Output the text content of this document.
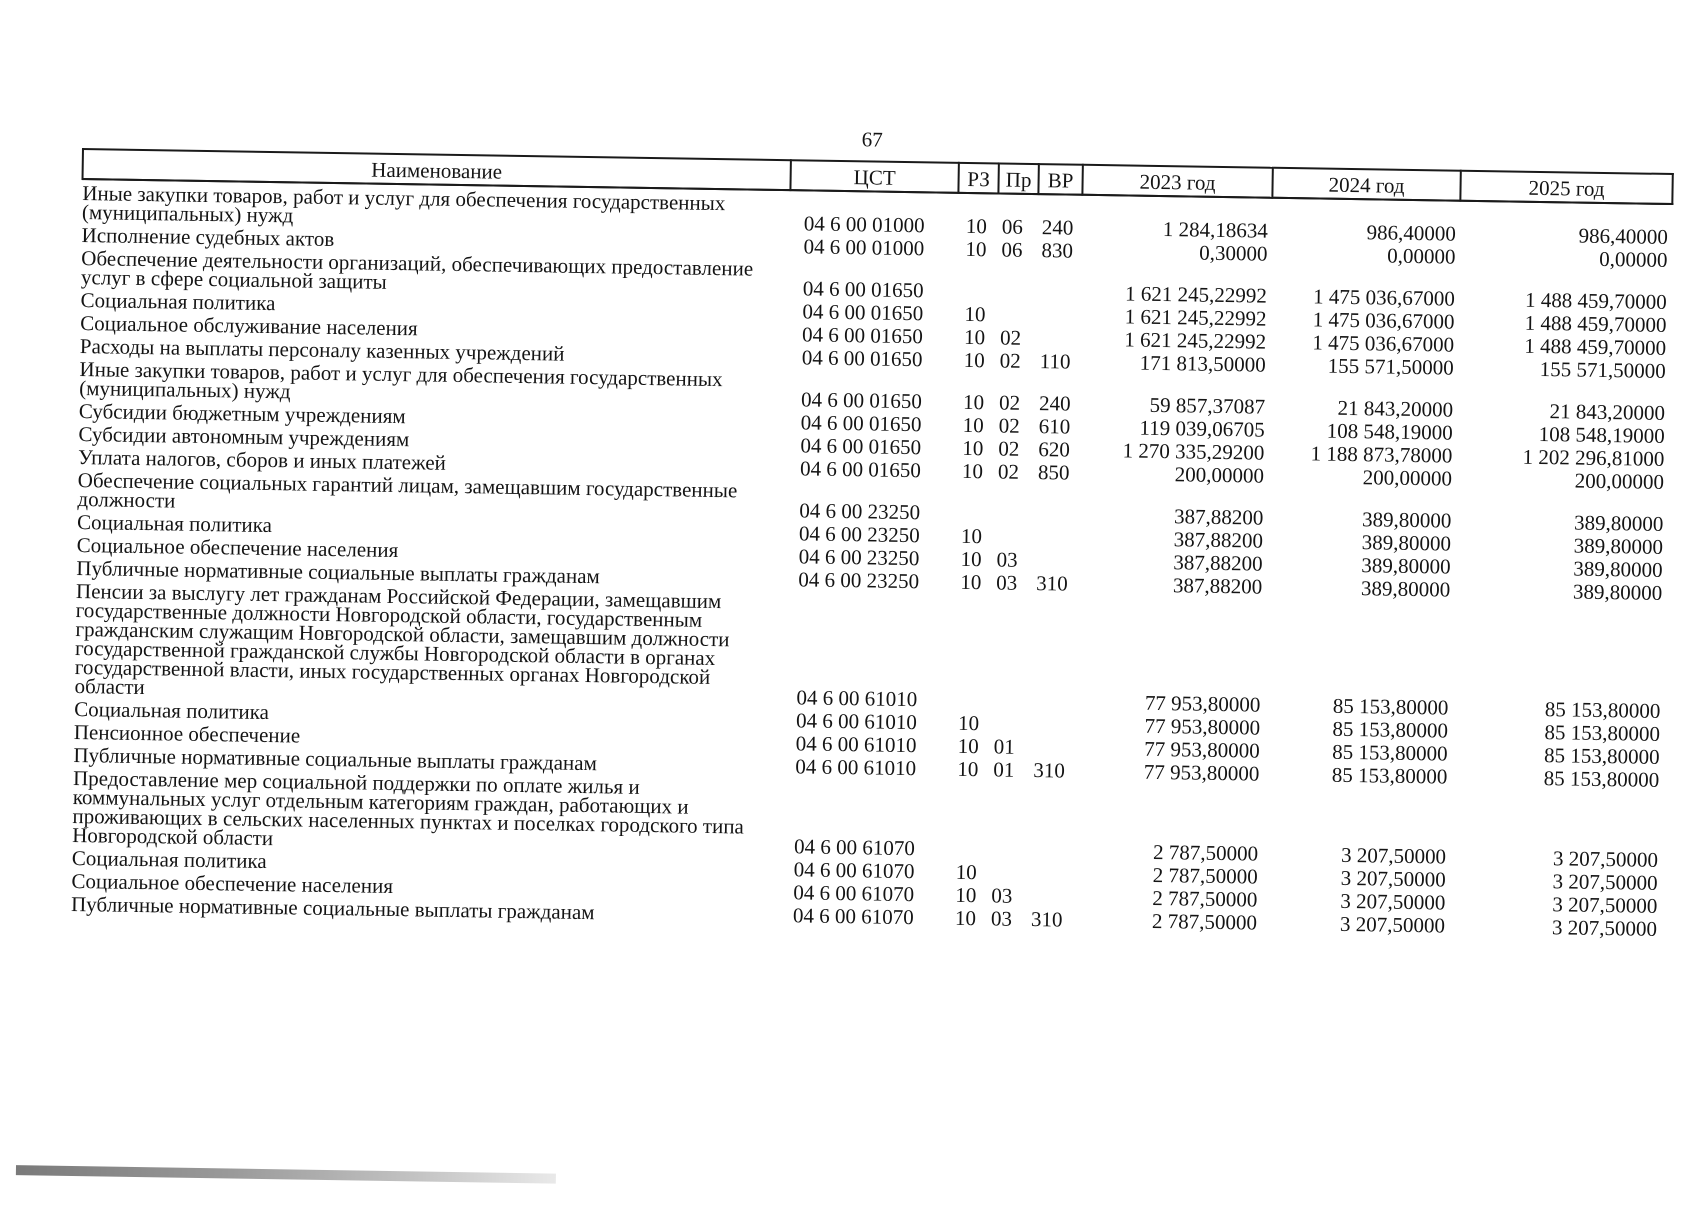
67
Наименование	ЦСТ	РЗ	Пр	ВР	2023 год	2024 год	2025 год
Иные закупки товаров, работ и услуг для обеспечения государственных (муниципальных) нужд	04 6 00 01000	10	06	240	1 284,18634	986,40000	986,40000
Исполнение судебных актов	04 6 00 01000	10	06	830	0,30000	0,00000	0,00000
Обеспечение деятельности организаций, обеспечивающих предоставление услуг в сфере социальной защиты	04 6 00 01650				1 621 245,22992	1 475 036,67000	1 488 459,70000
Социальная политика	04 6 00 01650	10			1 621 245,22992	1 475 036,67000	1 488 459,70000
Социальное обслуживание населения	04 6 00 01650	10	02		1 621 245,22992	1 475 036,67000	1 488 459,70000
Расходы на выплаты персоналу казенных учреждений	04 6 00 01650	10	02	110	171 813,50000	155 571,50000	155 571,50000
Иные закупки товаров, работ и услуг для обеспечения государственных (муниципальных) нужд	04 6 00 01650	10	02	240	59 857,37087	21 843,20000	21 843,20000
Субсидии бюджетным учреждениям	04 6 00 01650	10	02	610	119 039,06705	108 548,19000	108 548,19000
Субсидии автономным учреждениям	04 6 00 01650	10	02	620	1 270 335,29200	1 188 873,78000	1 202 296,81000
Уплата налогов, сборов и иных платежей	04 6 00 01650	10	02	850	200,00000	200,00000	200,00000
Обеспечение социальных гарантий лицам, замещавшим государственные должности	04 6 00 23250				387,88200	389,80000	389,80000
Социальная политика	04 6 00 23250	10			387,88200	389,80000	389,80000
Социальное обеспечение населения	04 6 00 23250	10	03		387,88200	389,80000	389,80000
Публичные нормативные социальные выплаты гражданам	04 6 00 23250	10	03	310	387,88200	389,80000	389,80000
Пенсии за выслугу лет гражданам Российской Федерации, замещавшим государственные должности Новгородской области, государственным гражданским служащим Новгородской области, замещавшим должности государственной гражданской службы Новгородской области в органах государственной власти, иных государственных органах Новгородской области	04 6 00 61010				77 953,80000	85 153,80000	85 153,80000
Социальная политика	04 6 00 61010	10			77 953,80000	85 153,80000	85 153,80000
Пенсионное обеспечение	04 6 00 61010	10	01		77 953,80000	85 153,80000	85 153,80000
Публичные нормативные социальные выплаты гражданам	04 6 00 61010	10	01	310	77 953,80000	85 153,80000	85 153,80000
Предоставление мер социальной поддержки по оплате жилья и коммунальных услуг отдельным категориям граждан, работающих и проживающих в сельских населенных пунктах и поселках городского типа Новгородской области	04 6 00 61070				2 787,50000	3 207,50000	3 207,50000
Социальная политика	04 6 00 61070	10			2 787,50000	3 207,50000	3 207,50000
Социальное обеспечение населения	04 6 00 61070	10	03		2 787,50000	3 207,50000	3 207,50000
Публичные нормативные социальные выплаты гражданам	04 6 00 61070	10	03	310	2 787,50000	3 207,50000	3 207,50000
